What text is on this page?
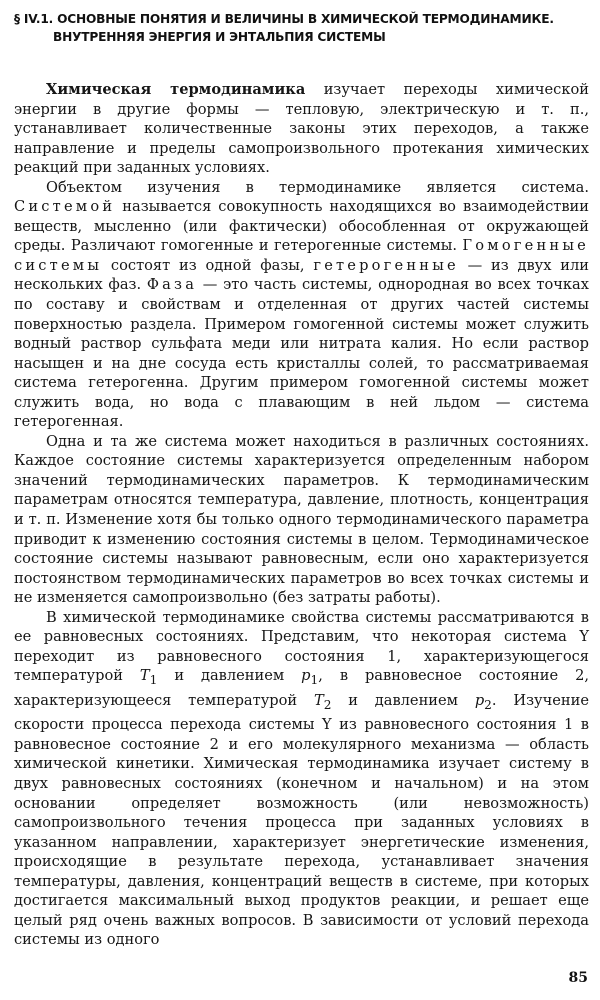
§ IV.1. ОСНОВНЫЕ ПОНЯТИЯ И ВЕЛИЧИНЫ В ХИМИЧЕСКОЙ ТЕРМОДИНАМИКЕ.
ВНУТРЕННЯЯ ЭНЕРГИЯ И ЭНТАЛЬПИЯ СИСТЕМЫ

Химическая термодинамика изучает переходы химической энергии в другие формы — тепловую, электрическую и т. п., устанавливает количественные законы этих переходов, а также направление и пределы самопроизвольного протекания химических реакций при заданных условиях.

Объектом изучения в термодинамике является система. Системой называется совокупность находящихся во взаимодействии веществ, мысленно (или фактически) обособленная от окружающей среды. Различают гомогенные и гетерогенные системы. Гомогенные системы состоят из одной фазы, гетерогенные — из двух или нескольких фаз. Фаза — это часть системы, однородная во всех точках по составу и свойствам и отделенная от других частей системы поверхностью раздела. Примером гомогенной системы может служить водный раствор сульфата меди или нитрата калия. Но если раствор насыщен и на дне сосуда есть кристаллы солей, то рассматриваемая система гетерогенна. Другим примером гомогенной системы может служить вода, но вода с плавающим в ней льдом — система гетерогенная.

Одна и та же система может находиться в различных состояниях. Каждое состояние системы характеризуется определенным набором значений термодинамических параметров. К термодинамическим параметрам относятся температура, давление, плотность, концентрация и т. п. Изменение хотя бы только одного термодинамического параметра приводит к изменению состояния системы в целом. Термодинамическое состояние системы называют равновесным, если оно характеризуется постоянством термодинамических параметров во всех точках системы и не изменяется самопроизвольно (без затраты работы).

В химической термодинамике свойства системы рассматриваются в ее равновесных состояниях. Представим, что некоторая система Y переходит из равновесного состояния 1, характеризующегося температурой $T_1$ и давлением $p_1$, в равновесное состояние 2, характеризующееся температурой $T_2$ и давлением $p_2$. Изучение скорости процесса перехода системы Y из равновесного состояния 1 в равновесное состояние 2 и его молекулярного механизма — область химической кинетики. Химическая термодинамика изучает систему в двух равновесных состояниях (конечном и начальном) и на этом основании определяет возможность (или невозможность) самопроизвольного течения процесса при заданных условиях в указанном направлении, характеризует энергетические изменения, происходящие в результате перехода, устанавливает значения температуры, давления, концентраций веществ в системе, при которых достигается максимальный выход продуктов реакции, и решает еще целый ряд очень важных вопросов. В зависимости от условий перехода системы из одного

85
